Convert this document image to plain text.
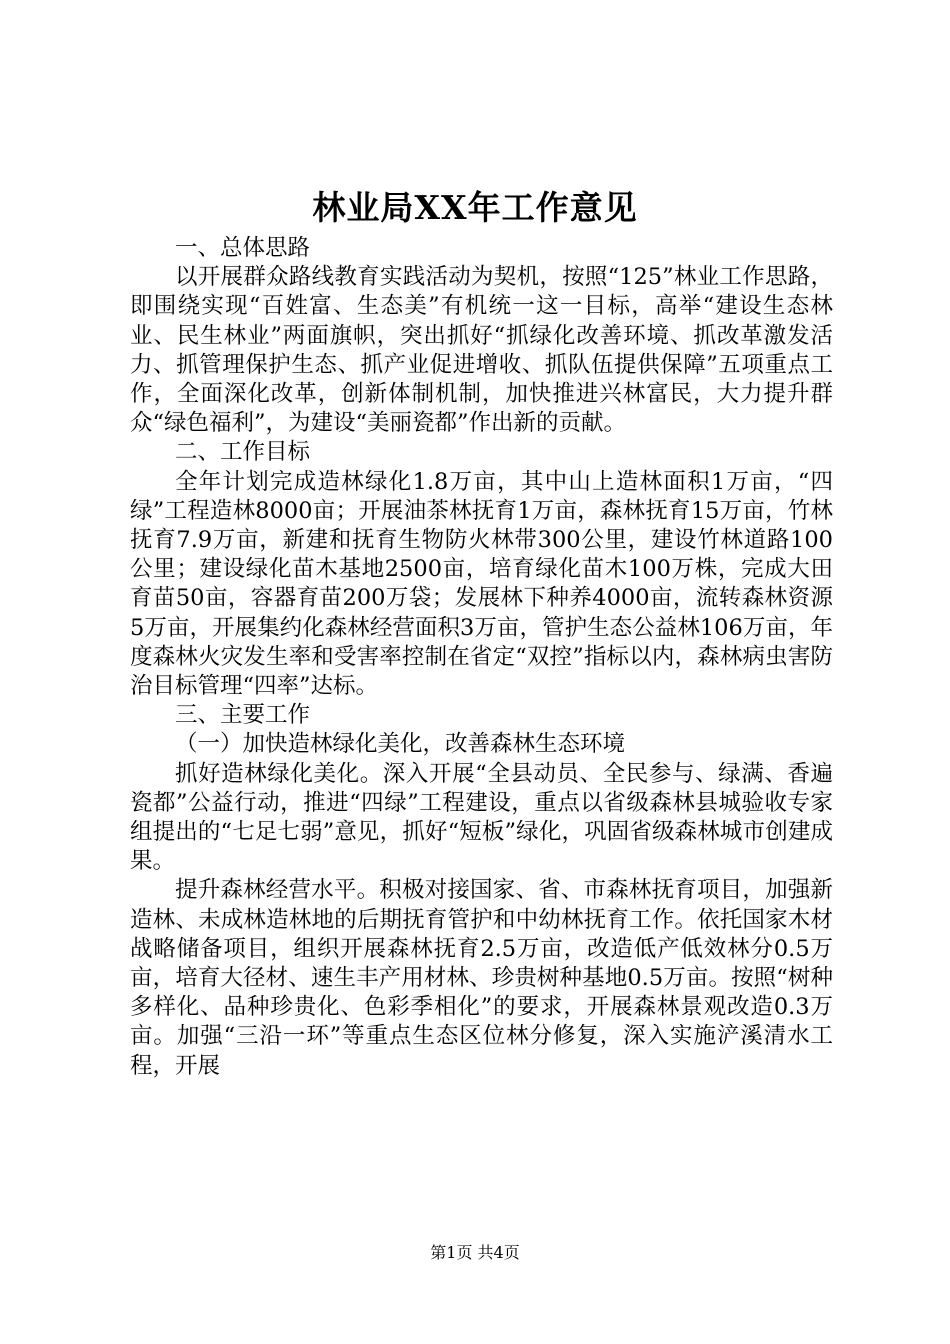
林业局XX年工作意见

一、总体思路

以开展群众路线教育实践活动为契机，按照“125”林业工作思路，即围绕实现“百姓富、生态美”有机统一这一目标，高举“建设生态林业、民生林业”两面旗帜，突出抓好“抓绿化改善环境、抓改革激发活力、抓管理保护生态、抓产业促进增收、抓队伍提供保障”五项重点工作，全面深化改革，创新体制机制，加快推进兴林富民，大力提升群众“绿色福利”，为建设“美丽瓷都”作出新的贡献。

二、工作目标

全年计划完成造林绿化1.8万亩，其中山上造林面积1万亩，“四绿”工程造林8000亩；开展油茶林抚育1万亩，森林抚育15万亩，竹林抚育7.9万亩，新建和抚育生物防火林带300公里，建设竹林道路100公里；建设绿化苗木基地2500亩，培育绿化苗木100万株，完成大田育苗50亩，容器育苗200万袋；发展林下种养4000亩，流转森林资源5万亩，开展集约化森林经营面积3万亩，管护生态公益林106万亩，年度森林火灾发生率和受害率控制在省定“双控”指标以内，森林病虫害防治目标管理“四率”达标。

三、主要工作

（一）加快造林绿化美化，改善森林生态环境

抓好造林绿化美化。深入开展“全县动员、全民参与、绿满、香遍瓷都”公益行动，推进“四绿”工程建设，重点以省级森林县城验收专家组提出的“七足七弱”意见，抓好“短板”绿化，巩固省级森林城市创建成果。

提升森林经营水平。积极对接国家、省、市森林抚育项目，加强新造林、未成林造林地的后期抚育管护和中幼林抚育工作。依托国家木材战略储备项目，组织开展森林抚育2.5万亩，改造低产低效林分0.5万亩，培育大径材、速生丰产用材林、珍贵树种基地0.5万亩。按照“树种多样化、品种珍贵化、色彩季相化”的要求，开展森林景观改造0.3万亩。加强“三沿一环”等重点生态区位林分修复，深入实施浐溪清水工程，开展

第1页 共4页
